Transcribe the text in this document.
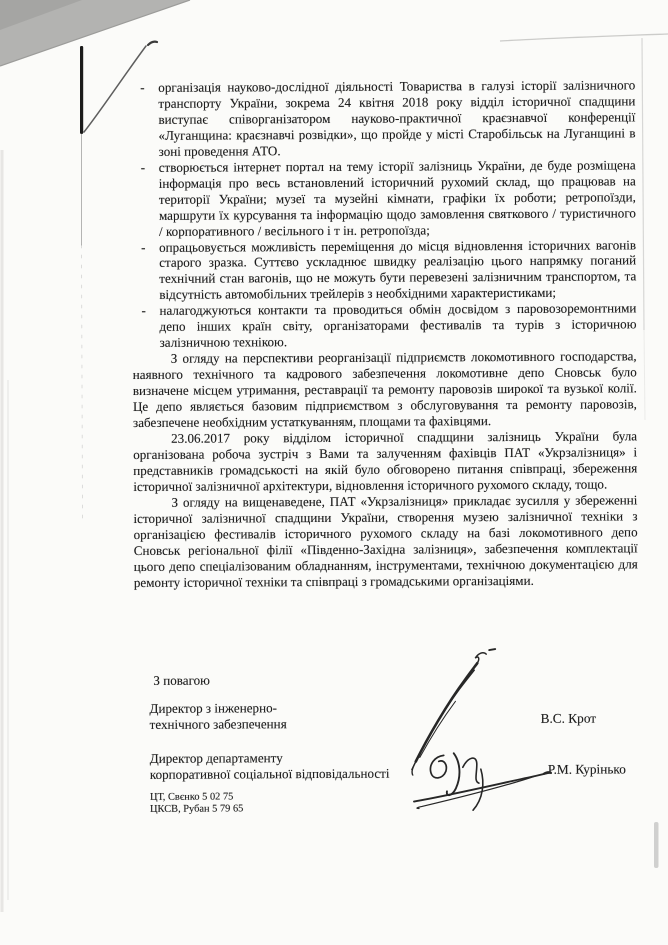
- організація науково-дослідної діяльності Товариства в галузі історії залізничного транспорту України, зокрема 24 квітня 2018 року відділ історичної спадщини виступає співорганізатором науково-практичної краєзнавчої конференції «Луганщина: краєзнавчі розвідки», що пройде у місті Старобільськ на Луганщині в зоні проведення АТО.
- створюється інтернет портал на тему історії залізниць України, де буде розміщена інформація про весь встановлений історичний рухомий склад, що працював на території України; музеї та музейні кімнати, графіки їх роботи; ретропоїзди, маршрути їх курсування та інформацію щодо замовлення святкового / туристичного / корпоративного / весільного і т ін. ретропоїзда;
- опрацьовується можливість переміщення до місця відновлення історичних вагонів старого зразка. Суттєво ускладнює швидку реалізацію цього напрямку поганий технічний стан вагонів, що не можуть бути перевезені залізничним транспортом, та відсутність автомобільних трейлерів з необхідними характеристиками;
- налагоджуються контакти та проводиться обмін досвідом з паровозоремонтними депо інших країн світу, організаторами фестивалів та турів з історичною залізничною технікою.

З огляду на перспективи реорганізації підприємств локомотивного господарства, наявного технічного та кадрового забезпечення локомотивне депо Сновськ було визначене місцем утримання, реставрації та ремонту паровозів широкої та вузької колії. Це депо являється базовим підприємством з обслуговування та ремонту паровозів, забезпечене необхідним устаткуванням, площами та фахівцями.

23.06.2017 року відділом історичної спадщини залізниць України була організована робоча зустріч з Вами та залученням фахівців ПАТ «Укрзалізниця» і представників громадськості на якій було обговорено питання співпраці, збереження історичної залізничної архітектури, відновлення історичного рухомого складу, тощо.

З огляду на вищенаведене, ПАТ «Укрзалізниця» прикладає зусилля у збереженні історичної залізничної спадщини України, створення музею залізничної техніки з організацією фестивалів історичного рухомого складу на базі локомотивного депо Сновськ регіональної філії «Південно-Західна залізниця», забезпечення комплектації цього депо спеціалізованим обладнанням, інструментами, технічною документацією для ремонту історичної техніки та співпраці з громадськими організаціями.

З повагою
Директор з інженерно-
технічного забезпечення	В.С. Крот
Директор департаменту
корпоративної соціальної відповідальності	Р.М. Курінько
ЦТ, Свєнко 5 02 75
ЦКСВ, Рубан 5 79 65
